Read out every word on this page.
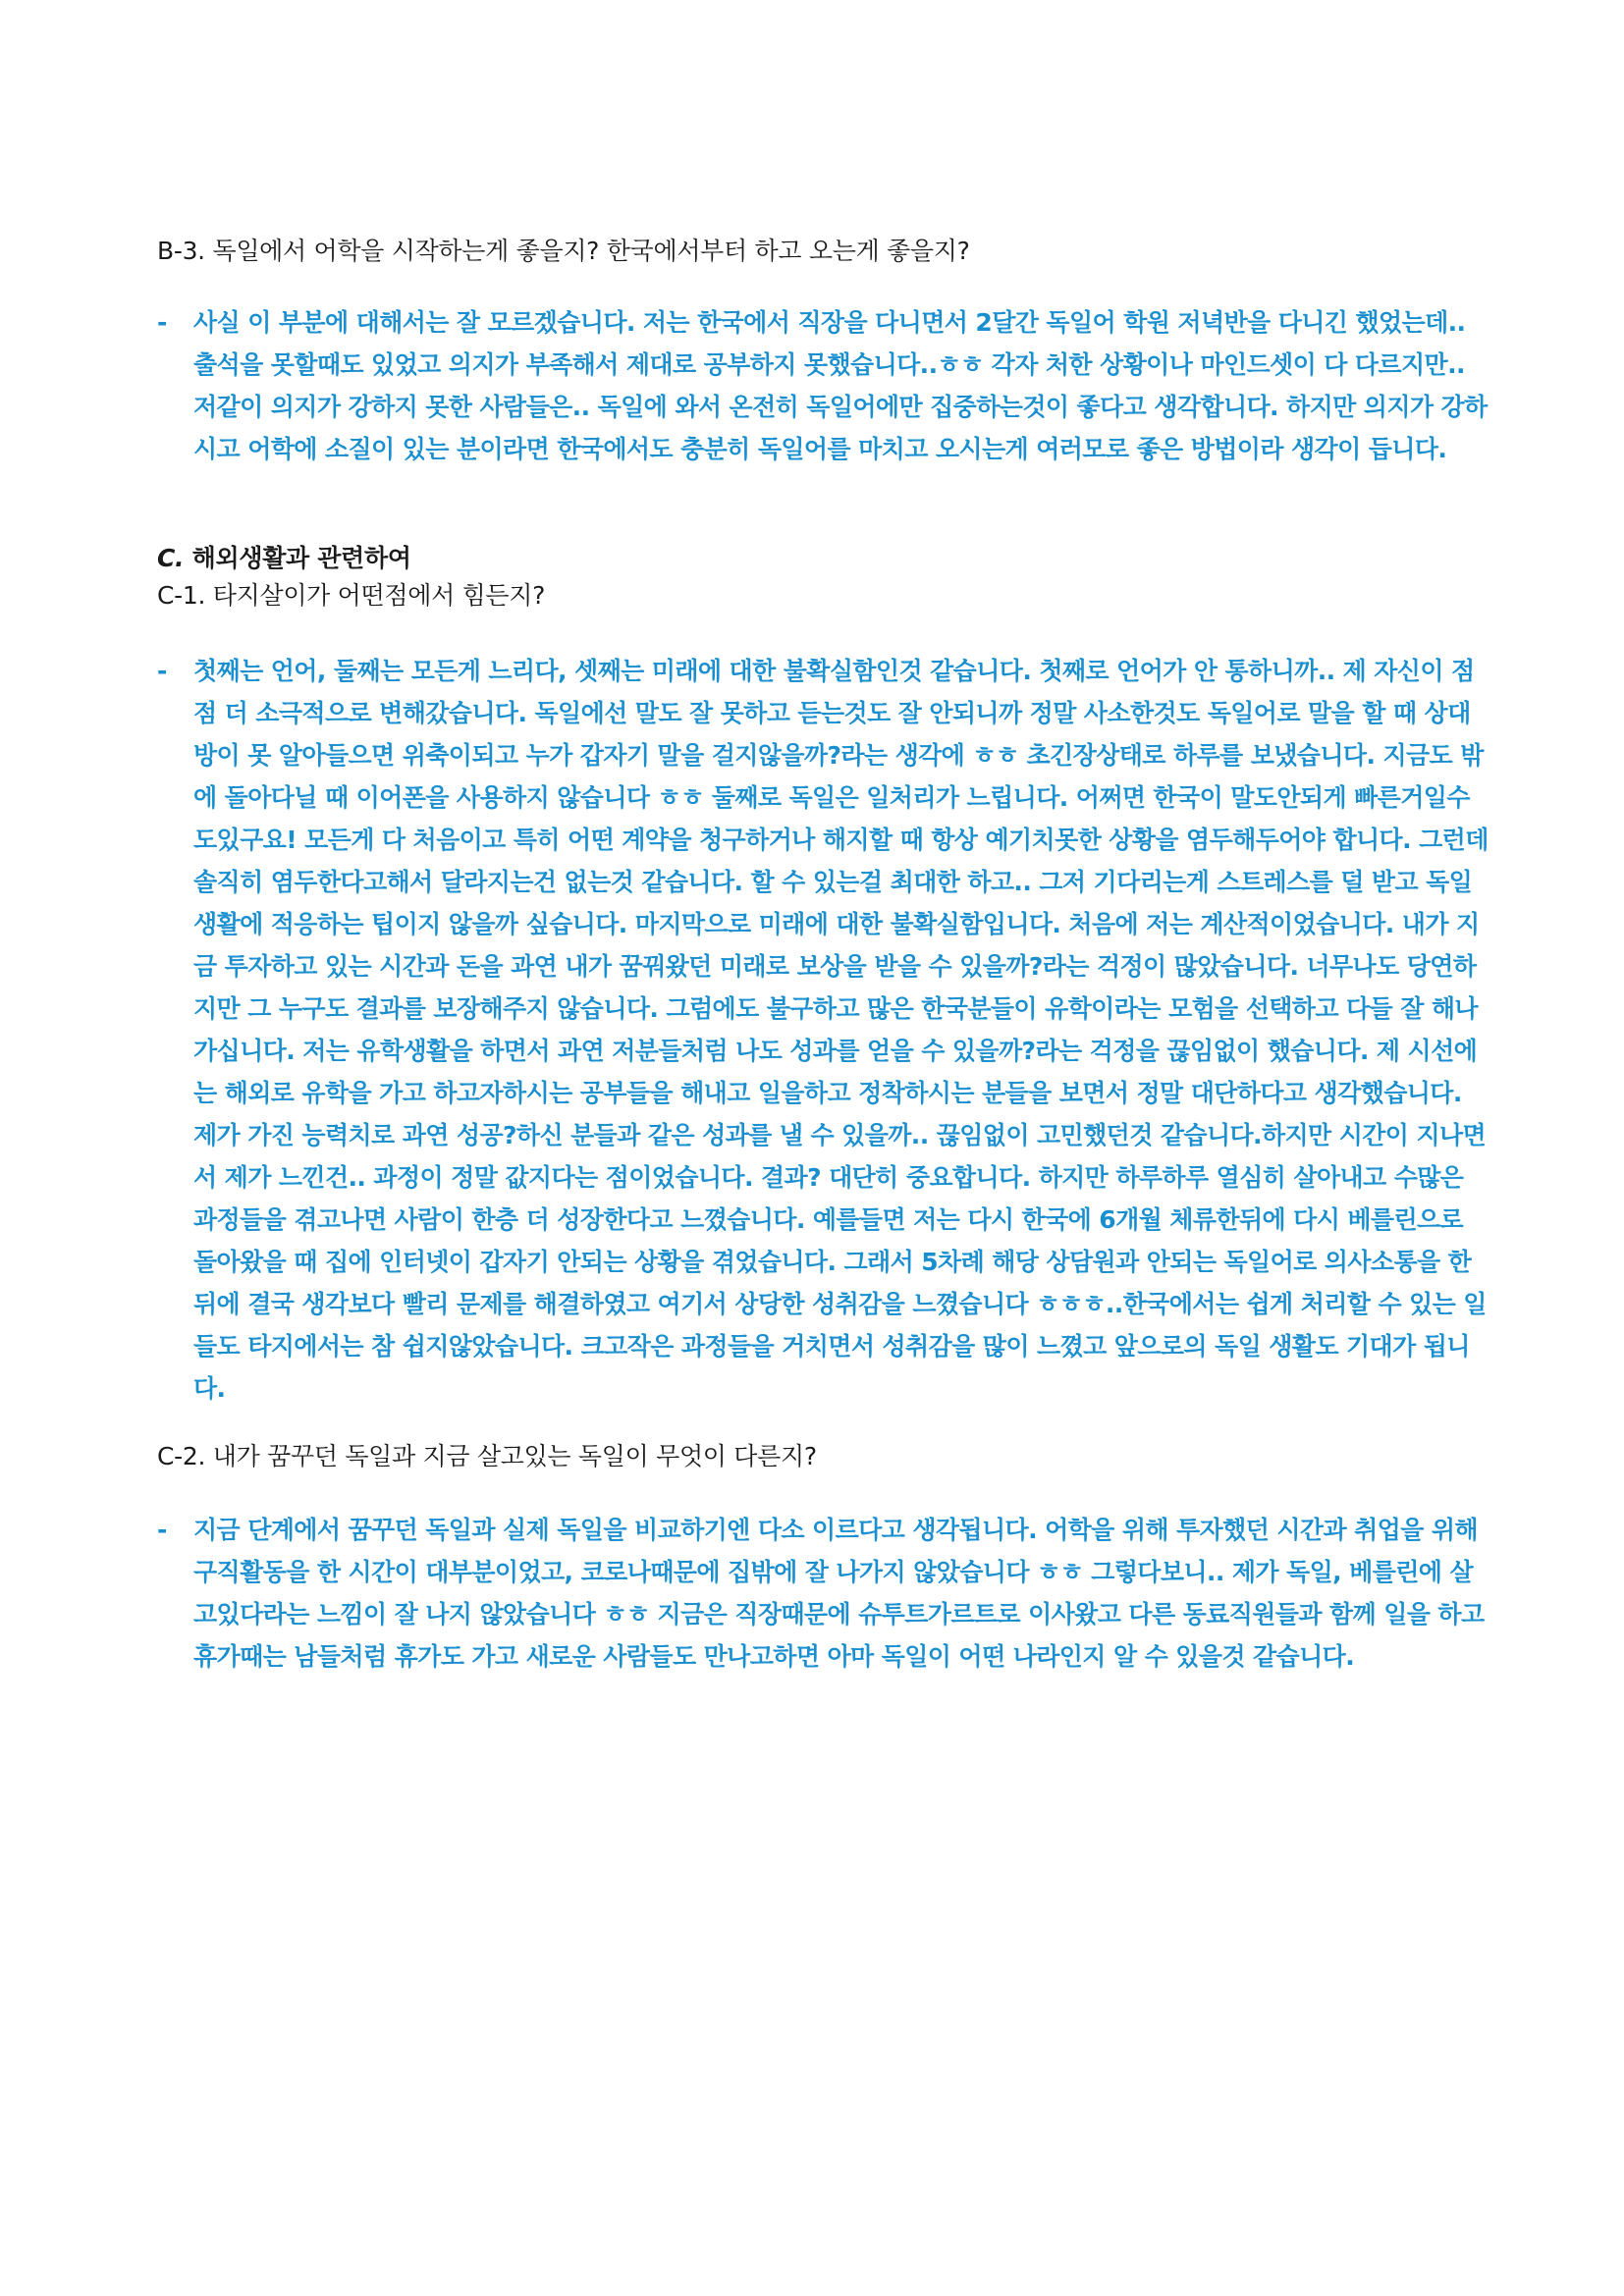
B-3. 독일에서 어학을 시작하는게 좋을지? 한국에서부터 하고 오는게 좋을지?

- 사실 이 부분에 대해서는 잘 모르겠습니다. 저는 한국에서 직장을 다니면서 2달간 독일어 학원 저녁반을 다니긴 했었는데.. 출석을 못할때도 있었고 의지가 부족해서 제대로 공부하지 못했습니다..ㅎㅎ 각자 처한 상황이나 마인드셋이 다 다르지만.. 저같이 의지가 강하지 못한 사람들은.. 독일에 와서 온전히 독일어에만 집중하는것이 좋다고 생각합니다. 하지만 의지가 강하시고 어학에 소질이 있는 분이라면 한국에서도 충분히 독일어를 마치고 오시는게 여러모로 좋은 방법이라 생각이 듭니다.

C. 해외생활과 관련하여

C-1. 타지살이가 어떤점에서 힘든지?

- 첫째는 언어, 둘째는 모든게 느리다, 셋째는 미래에 대한 불확실함인것 같습니다. 첫째로 언어가 안 통하니까.. 제 자신이 점점 더 소극적으로 변해갔습니다. 독일에선 말도 잘 못하고 듣는것도 잘 안되니까 정말 사소한것도 독일어로 말을 할 때 상대방이 못 알아들으면 위축이되고 누가 갑자기 말을 걸지않을까?라는 생각에 ㅎㅎ 초긴장상태로 하루를 보냈습니다. 지금도 밖에 돌아다닐 때 이어폰을 사용하지 않습니다 ㅎㅎ 둘째로 독일은 일처리가 느립니다. 어쩌면 한국이 말도안되게 빠른거일수도있구요! 모든게 다 처음이고 특히 어떤 계약을 청구하거나 해지할 때 항상 예기치못한 상황을 염두해두어야 합니다. 그런데 솔직히 염두한다고해서 달라지는건 없는것 같습니다. 할 수 있는걸 최대한 하고.. 그저 기다리는게 스트레스를 덜 받고 독일생활에 적응하는 팁이지 않을까 싶습니다. 마지막으로 미래에 대한 불확실함입니다. 처음에 저는 계산적이었습니다. 내가 지금 투자하고 있는 시간과 돈을 과연 내가 꿈꿔왔던 미래로 보상을 받을 수 있을까?라는 걱정이 많았습니다. 너무나도 당연하지만 그 누구도 결과를 보장해주지 않습니다. 그럼에도 불구하고 많은 한국분들이 유학이라는 모험을 선택하고 다들 잘 해나가십니다. 저는 유학생활을 하면서 과연 저분들처럼 나도 성과를 얻을 수 있을까?라는 걱정을 끊임없이 했습니다. 제 시선에는 해외로 유학을 가고 하고자하시는 공부들을 해내고 일을하고 정착하시는 분들을 보면서 정말 대단하다고 생각했습니다. 제가 가진 능력치로 과연 성공?하신 분들과 같은 성과를 낼 수 있을까.. 끊임없이 고민했던것 같습니다.하지만 시간이 지나면서 제가 느낀건.. 과정이 정말 값지다는 점이었습니다. 결과? 대단히 중요합니다. 하지만 하루하루 열심히 살아내고 수많은 과정들을 겪고나면 사람이 한층 더 성장한다고 느꼈습니다. 예를들면 저는 다시 한국에 6개월 체류한뒤에 다시 베를린으로 돌아왔을 때 집에 인터넷이 갑자기 안되는 상황을 겪었습니다. 그래서 5차례 해당 상담원과 안되는 독일어로 의사소통을 한뒤에 결국 생각보다 빨리 문제를 해결하였고 여기서 상당한 성취감을 느꼈습니다 ㅎㅎㅎ..한국에서는 쉽게 처리할 수 있는 일들도 타지에서는 참 쉽지않았습니다. 크고작은 과정들을 거치면서 성취감을 많이 느꼈고 앞으로의 독일 생활도 기대가 됩니다.

C-2. 내가 꿈꾸던 독일과 지금 살고있는 독일이 무엇이 다른지?

- 지금 단계에서 꿈꾸던 독일과 실제 독일을 비교하기엔 다소 이르다고 생각됩니다. 어학을 위해 투자했던 시간과 취업을 위해 구직활동을 한 시간이 대부분이었고, 코로나때문에 집밖에 잘 나가지 않았습니다 ㅎㅎ 그렇다보니.. 제가 독일, 베를린에 살고있다라는 느낌이 잘 나지 않았습니다 ㅎㅎ 지금은 직장때문에 슈투트가르트로 이사왔고 다른 동료직원들과 함께 일을 하고 휴가때는 남들처럼 휴가도 가고 새로운 사람들도 만나고하면 아마 독일이 어떤 나라인지 알 수 있을것 같습니다.
